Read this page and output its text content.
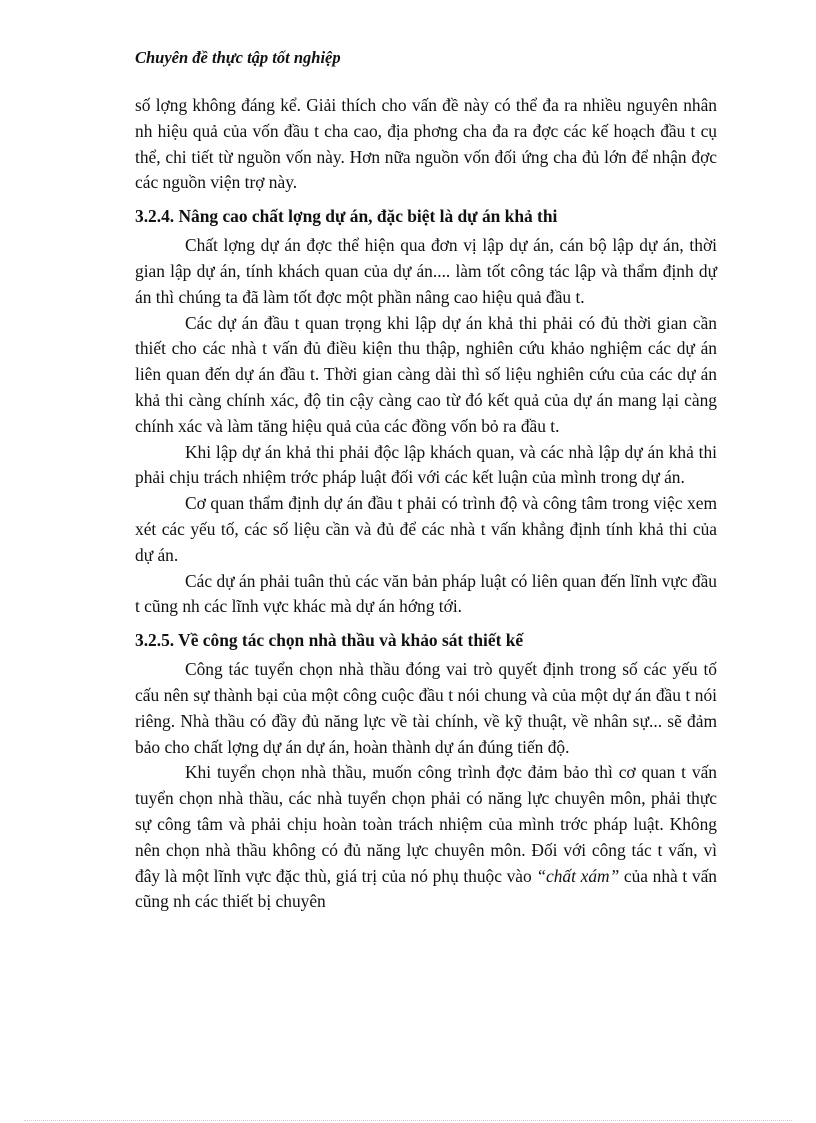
Chuyên đề thực tập tốt nghiệp

số lợng không đáng kể. Giải thích cho vấn đề này có thể đa ra nhiều nguyên nhân nh hiệu quả của vốn đầu t cha cao, địa phơng cha đa ra đợc các kế hoạch đầu t cụ thể, chi tiết từ nguồn vốn này. Hơn nữa nguồn vốn đối ứng cha đủ lớn để nhận đợc các nguồn viện trợ này.

3.2.4. Nâng cao chất lợng dự án, đặc biệt là dự án khả thi

Chất lợng dự án đợc thể hiện qua đơn vị lập dự án, cán bộ lập dự án, thời gian lập dự án, tính khách quan của dự án.... làm tốt công tác lập và thẩm định dự án thì chúng ta đã làm tốt đợc một phần nâng cao hiệu quả đầu t.

Các dự án đầu t quan trọng khi lập dự án khả thi phải có đủ thời gian cần thiết cho các nhà t vấn đủ điều kiện thu thập, nghiên cứu khảo nghiệm các dự án liên quan đến dự án đầu t. Thời gian càng dài thì số liệu nghiên cứu của các dự án khả thi càng chính xác, độ tin cậy càng cao từ đó kết quả của dự án mang lại càng chính xác và làm tăng hiệu quả của các đồng vốn bỏ ra đầu t.

Khi lập dự án khả thi phải độc lập khách quan, và các nhà lập dự án khả thi phải chịu trách nhiệm trớc pháp luật đối với các kết luận của mình trong dự án.

Cơ quan thẩm định dự án đầu t phải có trình độ và công tâm trong việc xem xét các yếu tố, các số liệu cần và đủ để các nhà t vấn khẳng định tính khả thi của dự án.

Các dự án phải tuân thủ các văn bản pháp luật có liên quan đến lĩnh vực đầu t cũng nh các lĩnh vực khác mà dự án hớng tới.

3.2.5. Về công tác chọn nhà thầu và khảo sát thiết kế

Công tác tuyển chọn nhà thầu đóng vai trò quyết định trong số các yếu tố cấu nên sự thành bại của một công cuộc đầu t nói chung và của một dự án đầu t nói riêng. Nhà thầu có đầy đủ năng lực về tài chính, về kỹ thuật, về nhân sự... sẽ đảm bảo cho chất lợng dự án dự án, hoàn thành dự án đúng tiến độ.

Khi tuyển chọn nhà thầu, muốn công trình đợc đảm bảo thì cơ quan t vấn tuyển chọn nhà thầu, các nhà tuyển chọn phải có năng lực chuyên môn, phải thực sự công tâm và phải chịu hoàn toàn trách nhiệm của mình trớc pháp luật. Không nên chọn nhà thầu không có đủ năng lực chuyên môn. Đối với công tác t vấn, vì đây là một lĩnh vực đặc thù, giá trị của nó phụ thuộc vào “chất xám” của nhà t vấn cũng nh các thiết bị chuyên
